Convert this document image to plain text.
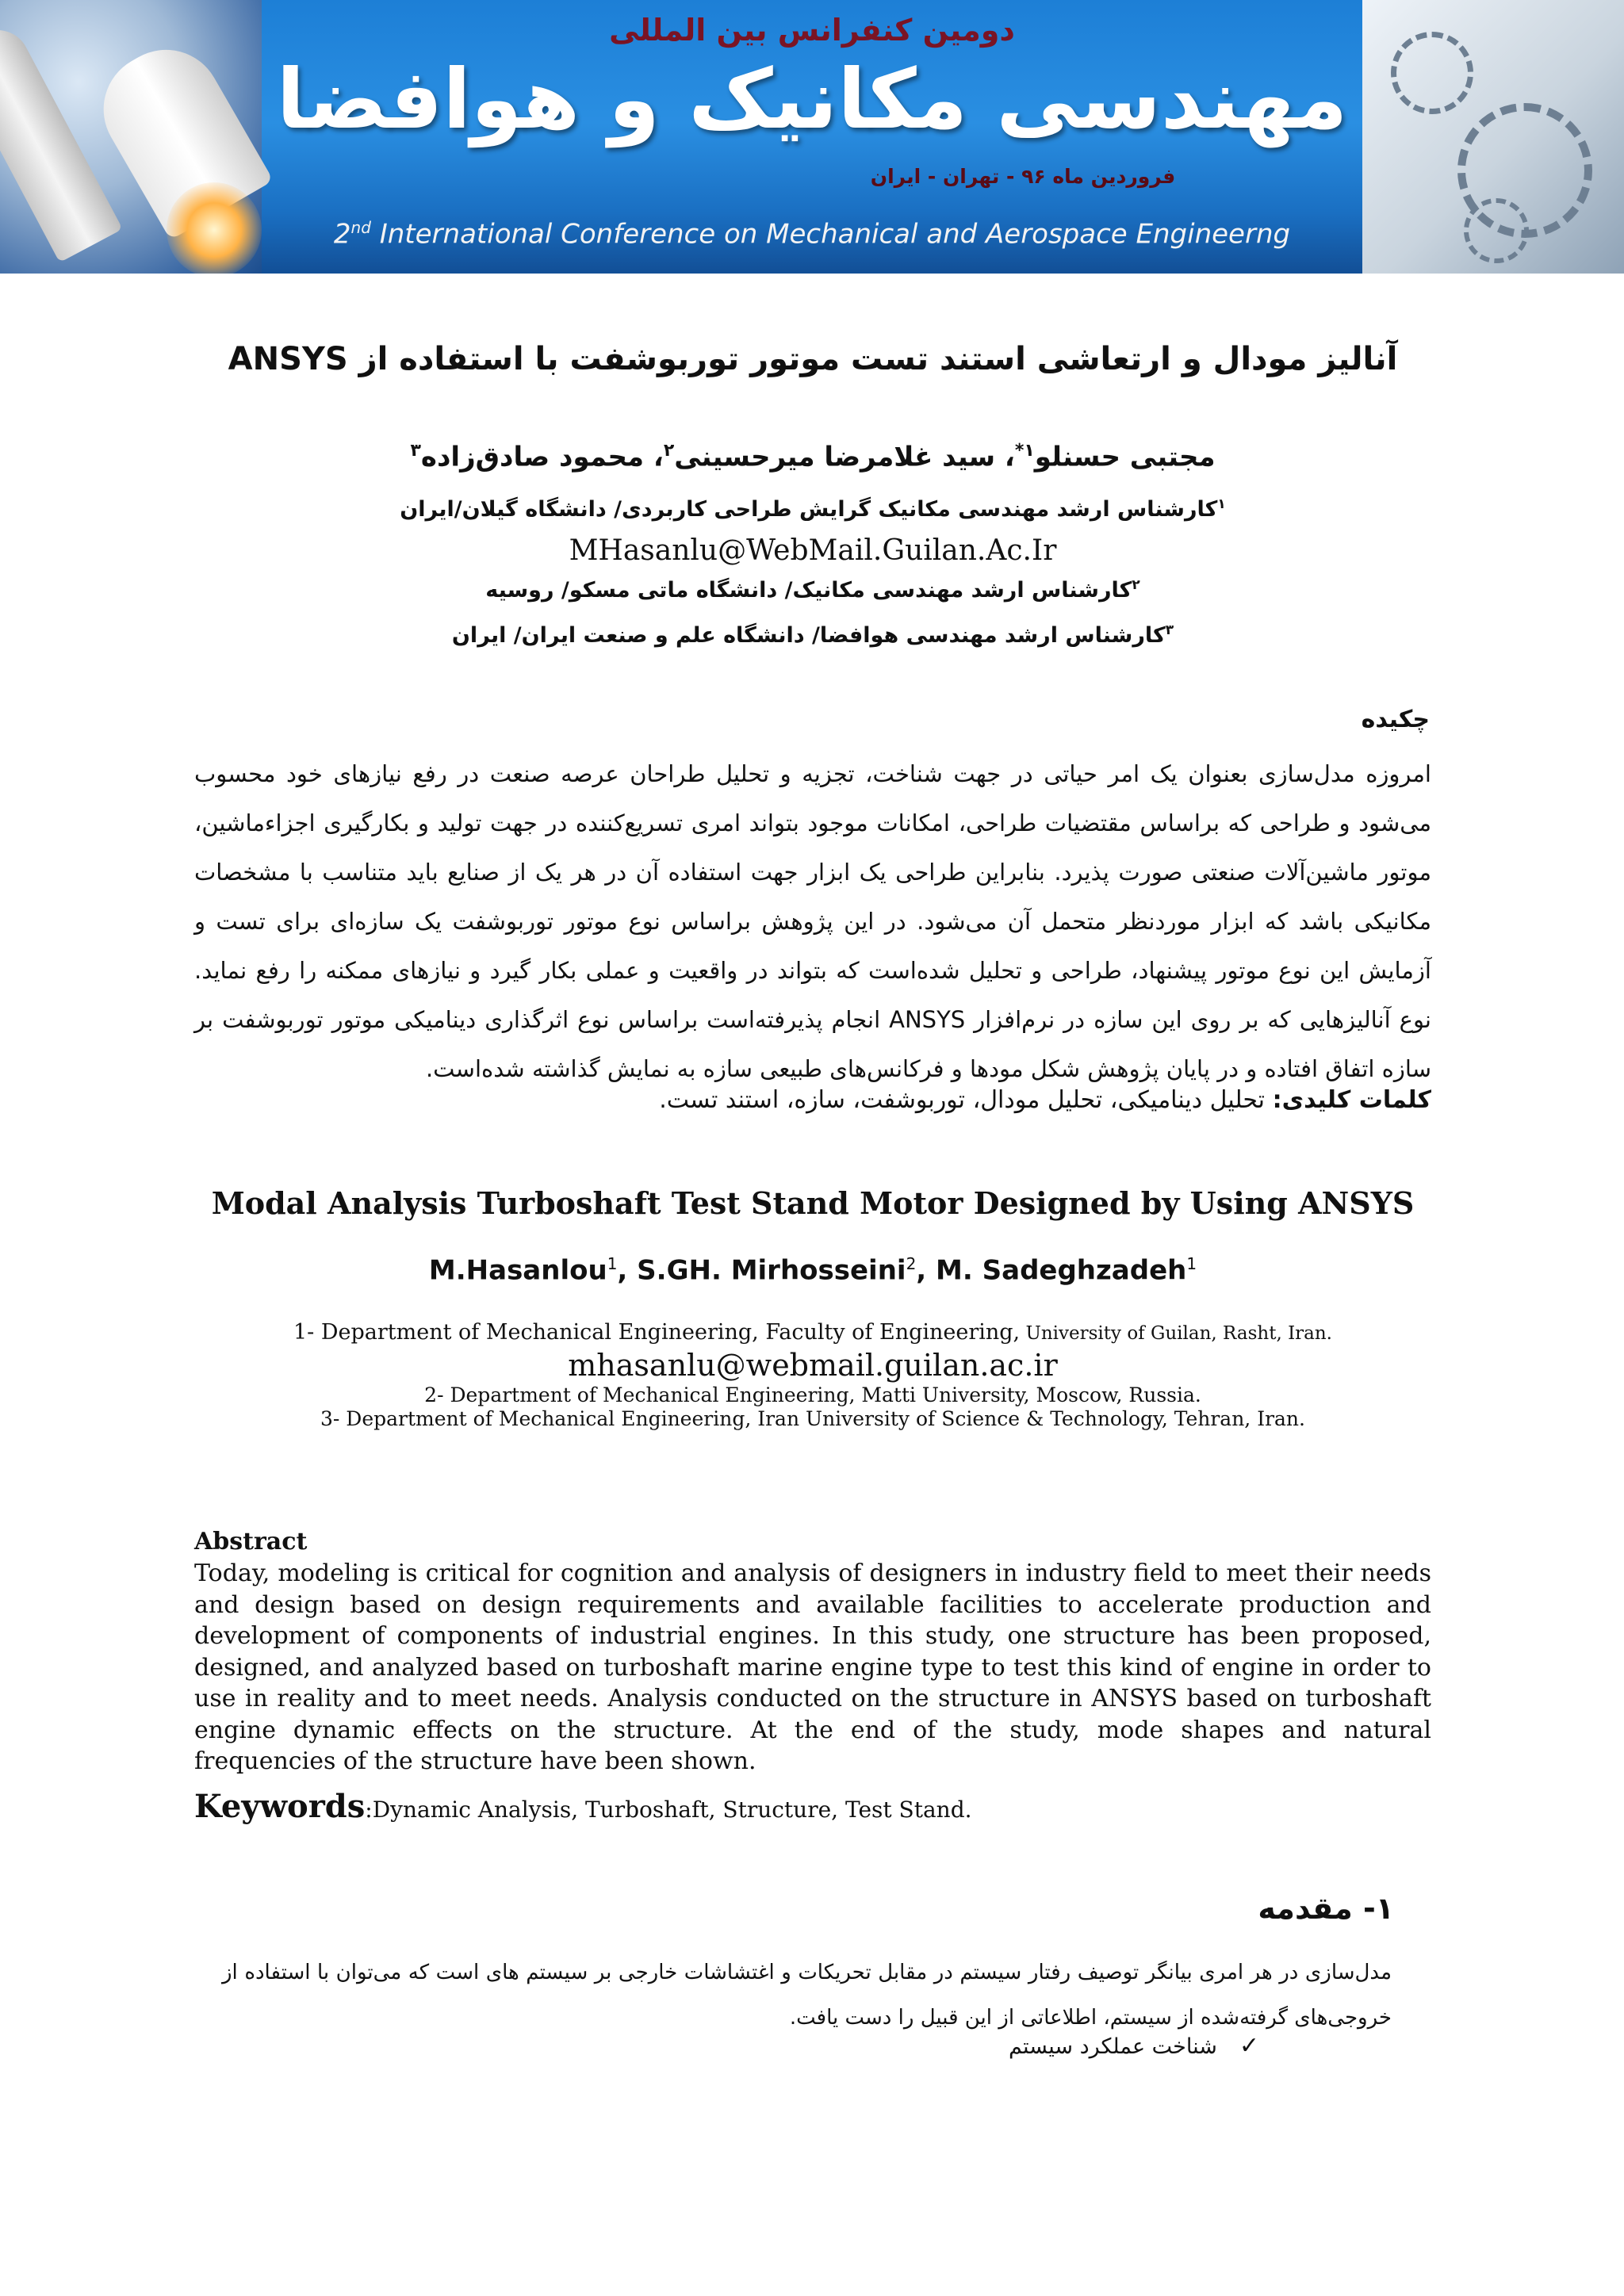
دومین کنفرانس بین المللی
مهندسی مکانیک و هوافضا
فروردین ماه ۹۶ - تهران - ایران
2nd International Conference on Mechanical and Aerospace Engineerng
آنالیز مودال و ارتعاشی استند تست موتور توربوشفت با استفاده از ANSYS
مجتبی حسنلو$^{۱*}$، سید غلامرضا میرحسینی$^۲$، محمود صادق‌زاده$^۳$
$^۱$کارشناس ارشد مهندسی مکانیک گرایش طراحی کاربردی/ دانشگاه گیلان/ایران
MHasanlu@WebMail.Guilan.Ac.Ir
$^۲$کارشناس ارشد مهندسی مکانیک/ دانشگاه ماتی مسکو/ روسیه
$^۳$کارشناس ارشد مهندسی هوافضا/ دانشگاه علم و صنعت ایران/ ایران
چکیده
امروزه مدل‌سازی بعنوان یک امر حیاتی در جهت شناخت، تجزیه و تحلیل طراحان عرصه صنعت در رفع نیازهای خود محسوب می‌شود و طراحی که براساس مقتضیات طراحی، امکانات موجود بتواند امری تسریع‌کننده در جهت تولید و بکارگیری اجزاءماشین، موتور ماشین‌آلات صنعتی صورت پذیرد. بنابراین طراحی یک ابزار جهت استفاده آن در هر یک از صنایع باید متناسب با مشخصات مکانیکی باشد که ابزار موردنظر متحمل آن می‌شود. در این پژوهش براساس نوع موتور توربوشفت یک سازه‌ای برای تست و آزمایش این نوع موتور پیشنهاد، طراحی و تحلیل شده‌است که بتواند در واقعیت و عملی بکار گیرد و نیازهای ممکنه را رفع نماید. نوع آنالیزهایی که بر روی این سازه در نرم‌افزار ANSYS انجام پذیرفته‌است براساس نوع اثرگذاری دینامیکی موتور توربوشفت بر سازه اتفاق افتاده و در پایان پژوهش شکل مودها و فرکانس‌های طبیعی سازه به نمایش گذاشته شده‌است.
کلمات کلیدی: تحلیل دینامیکی، تحلیل مودال، توربوشفت، سازه، استند تست.
Modal Analysis Turboshaft Test Stand Motor Designed by Using ANSYS
M.Hasanlou$^1$, S.GH. Mirhosseini$^2$, M. Sadeghzadeh$^1$
1- Department of Mechanical Engineering, Faculty of Engineering, University of Guilan, Rasht, Iran.
mhasanlu@webmail.guilan.ac.ir
2- Department of Mechanical Engineering, Matti University, Moscow, Russia.
3- Department of Mechanical Engineering, Iran University of Science & Technology, Tehran, Iran.
Abstract
Today, modeling is critical for cognition and analysis of designers in industry field to meet their needs and design based on design requirements and available facilities to accelerate production and development of components of industrial engines. In this study, one structure has been proposed, designed, and analyzed based on turboshaft marine engine type to test this kind of engine in order to use in reality and to meet needs. Analysis conducted on the structure in ANSYS based on turboshaft engine dynamic effects on the structure. At the end of the study, mode shapes and natural frequencies of the structure have been shown.
Keywords:Dynamic Analysis, Turboshaft, Structure, Test Stand.
۱- مقدمه
مدل‌سازی در هر امری بیانگر توصیف رفتار سیستم در مقابل تحریکات و اغتشاشات خارجی بر سیستم های است که می‌توان با استفاده از خروجی‌های گرفته‌شده از سیستم، اطلاعاتی از این قبیل را دست یافت.
✓شناخت عملکرد سیستم
